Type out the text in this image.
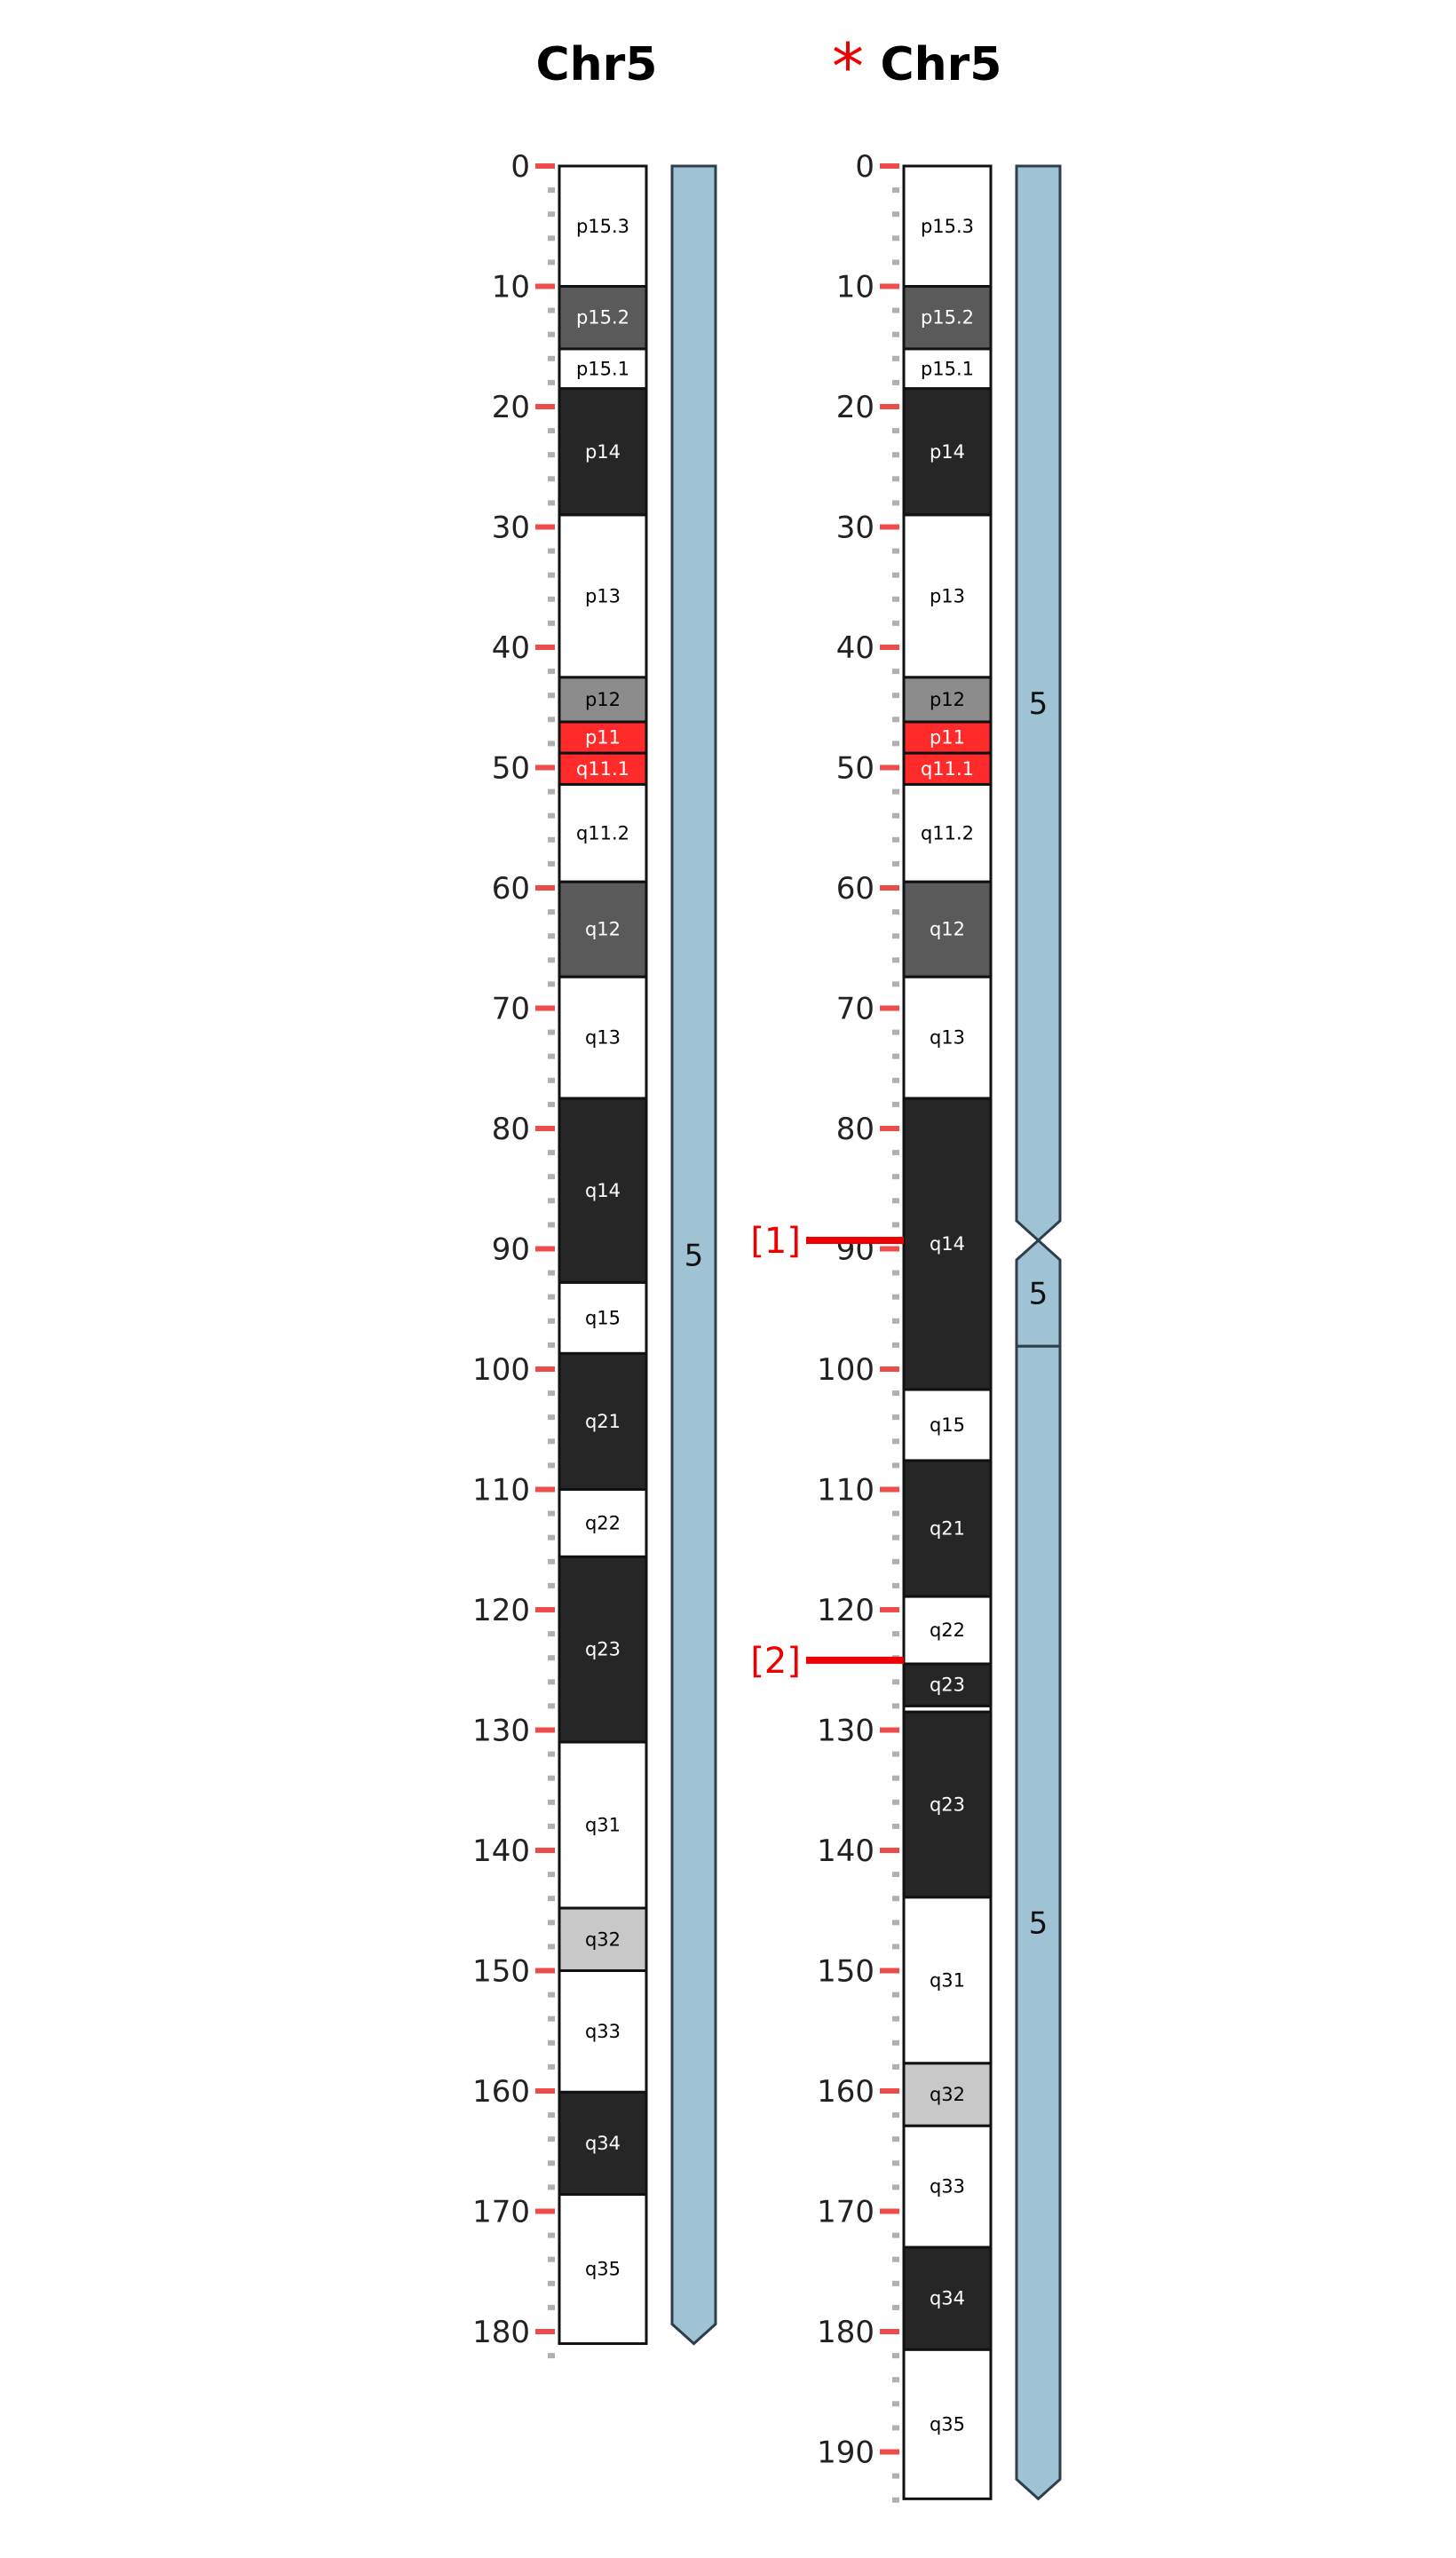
Chr5
0
10
20
30
40
50
60
70
80
90
100
110
120
130
140
150
160
170
180
p15.3
p15.2
p15.1
p14
p13
p12
p11
q11.1
q11.2
q12
q13
q14
q15
q21
q22
q23
q31
q32
q33
q34
q35
5
* Chr5
0
10
20
30
40
50
60
70
80
90
100
110
120
130
140
150
160
170
180
190
p15.3
p15.2
p15.1
p14
p13
p12
p11
q11.1
q11.2
q12
q13
q14
q15
q21
q22
q23
q23
q31
q32
q33
q34
q35
5
5
5
[1]
[2]
